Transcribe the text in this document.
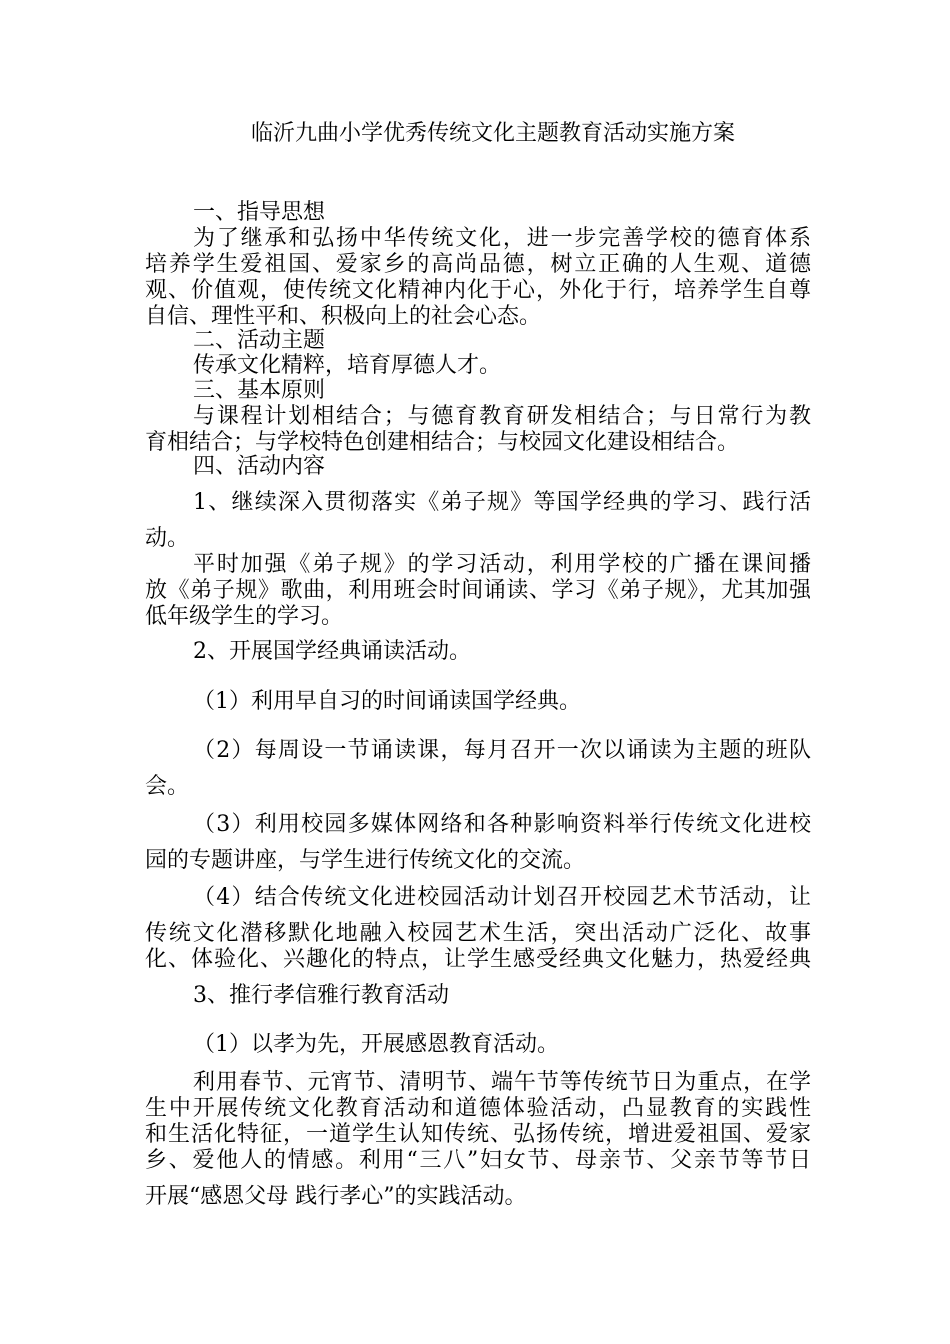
临沂九曲小学优秀传统文化主题教育活动实施方案
一、指导思想
为了继承和弘扬中华传统文化，进一步完善学校的德育体系
培养学生爱祖国、爱家乡的高尚品德，树立正确的人生观、道德
观、价值观，使传统文化精神内化于心，外化于行，培养学生自尊
自信、理性平和、积极向上的社会心态。
二、活动主题
传承文化精粹，培育厚德人才。
三、基本原则
与课程计划相结合；与德育教育研发相结合；与日常行为教
育相结合；与学校特色创建相结合；与校园文化建设相结合。
四、活动内容
1、继续深入贯彻落实《弟子规》等国学经典的学习、践行活
动。
平时加强《弟子规》的学习活动，利用学校的广播在课间播
放《弟子规》歌曲，利用班会时间诵读、学习《弟子规》，尤其加强
低年级学生的学习。
2、开展国学经典诵读活动。
（1）利用早自习的时间诵读国学经典。
（2）每周设一节诵读课，每月召开一次以诵读为主题的班队
会。
（3）利用校园多媒体网络和各种影响资料举行传统文化进校
园的专题讲座，与学生进行传统文化的交流。
（4）结合传统文化进校园活动计划召开校园艺术节活动，让
传统文化潜移默化地融入校园艺术生活，突出活动广泛化、故事
化、体验化、兴趣化的特点，让学生感受经典文化魅力，热爱经典
3、推行孝信雅行教育活动
（1）以孝为先，开展感恩教育活动。
利用春节、元宵节、清明节、端午节等传统节日为重点，在学
生中开展传统文化教育活动和道德体验活动，凸显教育的实践性
和生活化特征，一道学生认知传统、弘扬传统，增进爱祖国、爱家
乡、爱他人的情感。利用“三八”妇女节、母亲节、父亲节等节日
开展“感恩父母 践行孝心”的实践活动。
